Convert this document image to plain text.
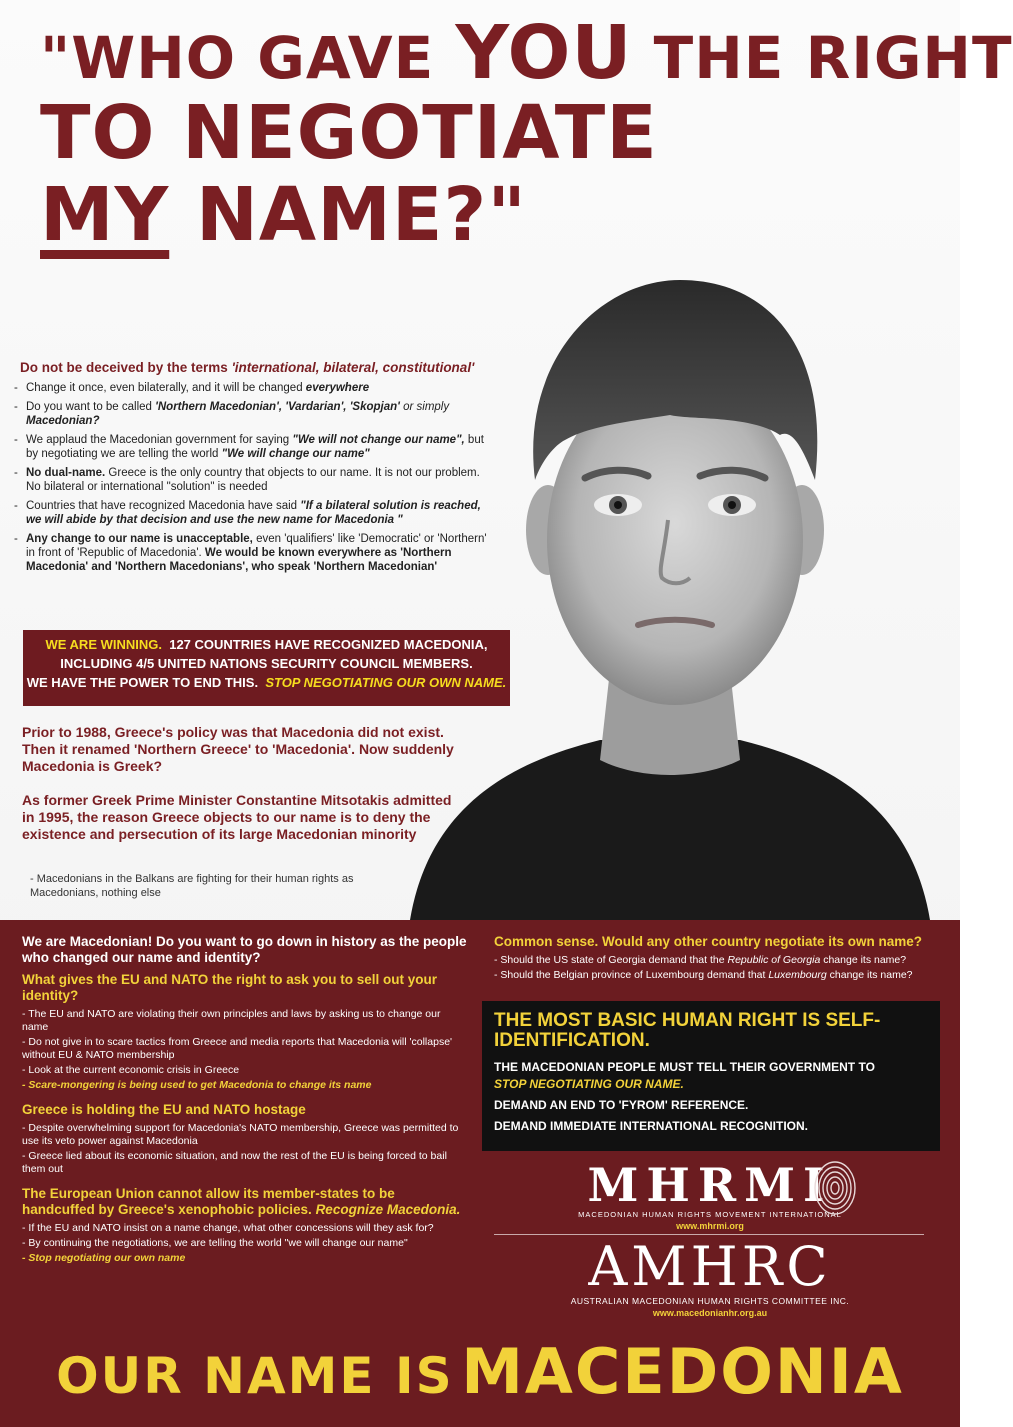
"WHO GAVE YOU THE RIGHT
TO NEGOTIATE
MY NAME?"

Do not be deceived by the terms 'international, bilateral, constitutional'

- Change it once, even bilaterally, and it will be changed everywhere
- Do you want to be called 'Northern Macedonian', 'Vardarian', 'Skopjan' or simply Macedonian?
- We applaud the Macedonian government for saying "We will not change our name", but by negotiating we are telling the world "We will change our name"
- No dual-name. Greece is the only country that objects to our name. It is not our problem. No bilateral or international "solution" is needed
- Countries that have recognized Macedonia have said "If a bilateral solution is reached, we will abide by that decision and use the new name for Macedonia "
- Any change to our name is unacceptable, even 'qualifiers' like 'Democratic' or 'Northern' in front of 'Republic of Macedonia'. We would be known everywhere as 'Northern Macedonia' and 'Northern Macedonians', who speak 'Northern Macedonian'
WE ARE WINNING. 127 COUNTRIES HAVE RECOGNIZED MACEDONIA,
INCLUDING 4/5 UNITED NATIONS SECURITY COUNCIL MEMBERS.
WE HAVE THE POWER TO END THIS. STOP NEGOTIATING OUR OWN NAME.
Prior to 1988, Greece's policy was that Macedonia did not exist. Then it renamed 'Northern Greece' to 'Macedonia'. Now suddenly Macedonia is Greek?
As former Greek Prime Minister Constantine Mitsotakis admitted in 1995, the reason Greece objects to our name is to deny the existence and persecution of its large Macedonian minority
- Macedonians in the Balkans are fighting for their human rights as Macedonians, nothing else
We are Macedonian! Do you want to go down in history as the people who changed our name and identity?
What gives the EU and NATO the right to ask you to sell out your identity?
- The EU and NATO are violating their own principles and laws by asking us to change our name
- Do not give in to scare tactics from Greece and media reports that Macedonia will 'collapse' without EU & NATO membership
- Look at the current economic crisis in Greece
- Scare-mongering is being used to get Macedonia to change its name
Greece is holding the EU and NATO hostage
- Despite overwhelming support for Macedonia's NATO membership, Greece was permitted to use its veto power against Macedonia
- Greece lied about its economic situation, and now the rest of the EU is being forced to bail them out
The European Union cannot allow its member-states to be handcuffed by Greece's xenophobic policies. Recognize Macedonia.
- If the EU and NATO insist on a name change, what other concessions will they ask for?
- By continuing the negotiations, we are telling the world "we will change our name"
- Stop negotiating our own name
Common sense. Would any other country negotiate its own name?
- Should the US state of Georgia demand that the Republic of Georgia change its name?
- Should the Belgian province of Luxembourg demand that Luxembourg change its name?
THE MOST BASIC HUMAN RIGHT IS SELF-IDENTIFICATION.
THE MACEDONIAN PEOPLE MUST TELL THEIR GOVERNMENT TO
STOP NEGOTIATING OUR NAME.
DEMAND AN END TO 'FYROM' REFERENCE.
DEMAND IMMEDIATE INTERNATIONAL RECOGNITION.
MHRMI
MACEDONIAN HUMAN RIGHTS MOVEMENT INTERNATIONAL
www.mhrmi.org
AMHRC
AUSTRALIAN MACEDONIAN HUMAN RIGHTS COMMITTEE INC.
www.macedonianhr.org.au
OUR NAME IS MACEDONIA
